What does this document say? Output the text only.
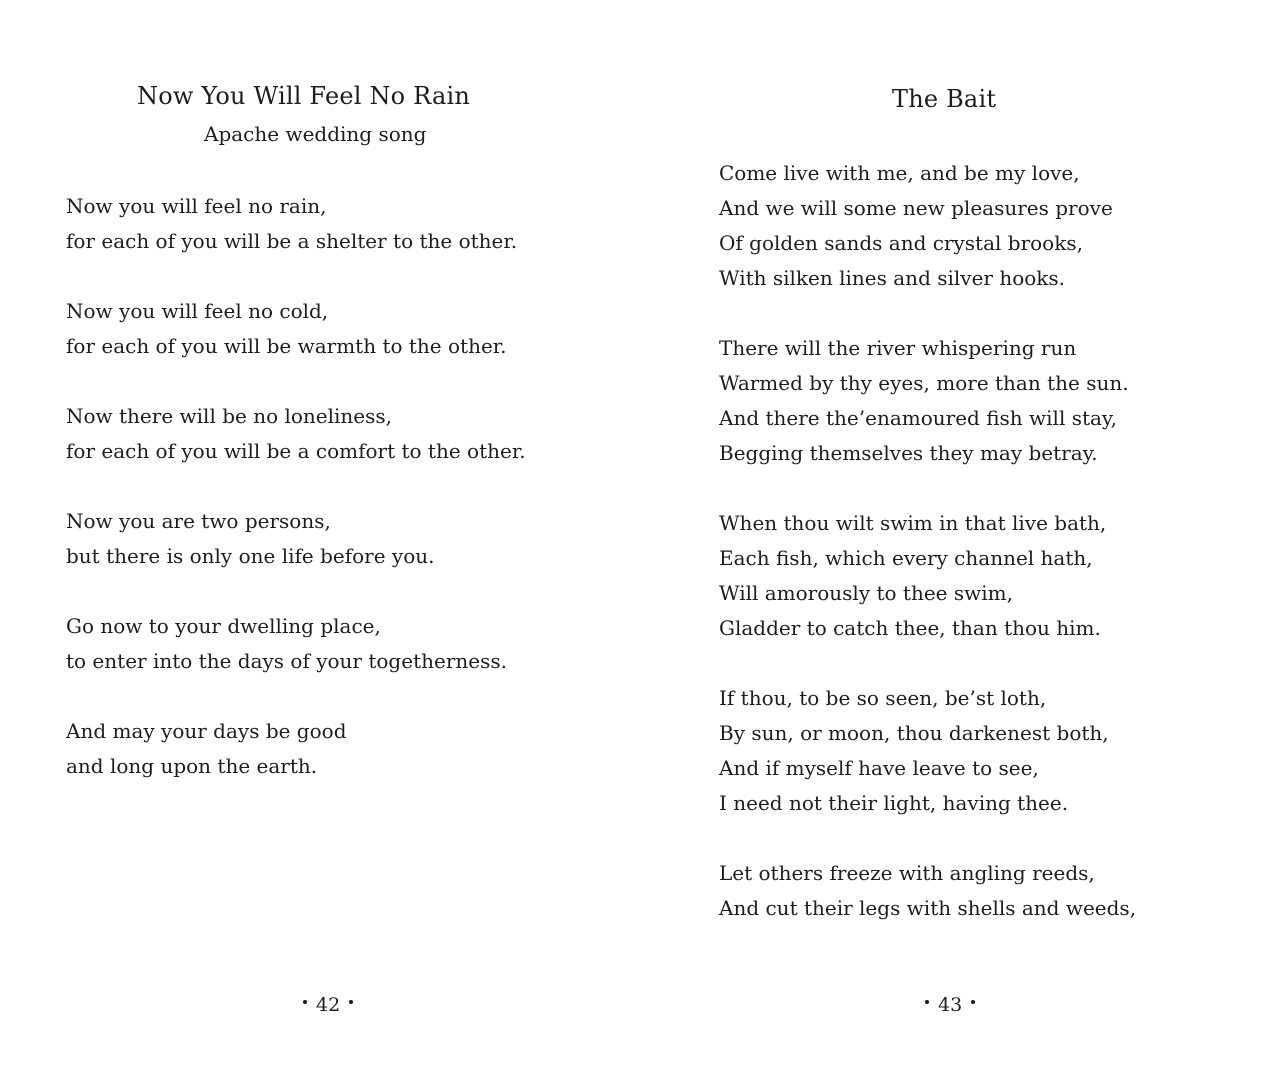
Now You Will Feel No Rain

Apache wedding song

Now you will feel no rain,
for each of you will be a shelter to the other.
Now you will feel no cold,
for each of you will be warmth to the other.
Now there will be no loneliness,
for each of you will be a comfort to the other.
Now you are two persons,
but there is only one life before you.
Go now to your dwelling place,
to enter into the days of your togetherness.
And may your days be good
and long upon the earth.
42
The Bait
Come live with me, and be my love,
And we will some new pleasures prove
Of golden sands and crystal brooks,
With silken lines and silver hooks.
There will the river whispering run
Warmed by thy eyes, more than the sun.
And there the’enamoured fish will stay,
Begging themselves they may betray.
When thou wilt swim in that live bath,
Each fish, which every channel hath,
Will amorously to thee swim,
Gladder to catch thee, than thou him.
If thou, to be so seen, be’st loth,
By sun, or moon, thou darkenest both,
And if myself have leave to see,
I need not their light, having thee.
Let others freeze with angling reeds,
And cut their legs with shells and weeds,
43
